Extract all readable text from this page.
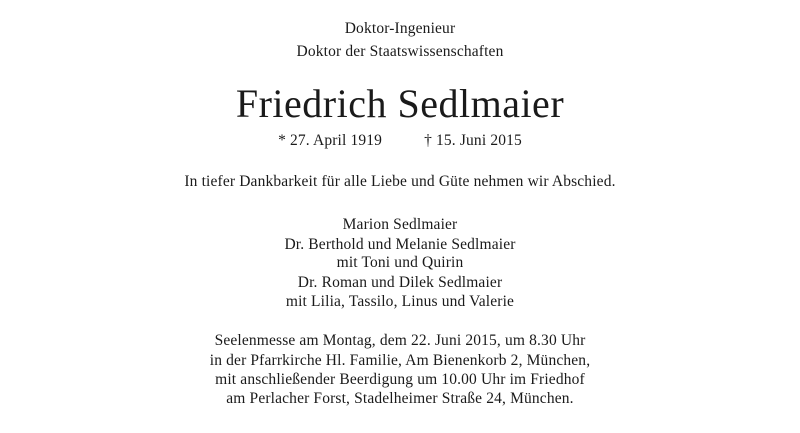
Doktor-Ingenieur
Doktor der Staatswissenschaften
Friedrich Sedlmaier
* 27. April 1919	† 15. Juni 2015
In tiefer Dankbarkeit für alle Liebe und Güte nehmen wir Abschied.
Marion Sedlmaier
Dr. Berthold und Melanie Sedlmaier
mit Toni und Quirin
Dr. Roman und Dilek Sedlmaier
mit Lilia, Tassilo, Linus und Valerie
Seelenmesse am Montag, dem 22. Juni 2015, um 8.30 Uhr
in der Pfarrkirche Hl. Familie, Am Bienenkorb 2, München,
mit anschließender Beerdigung um 10.00 Uhr im Friedhof
am Perlacher Forst, Stadelheimer Straße 24, München.
